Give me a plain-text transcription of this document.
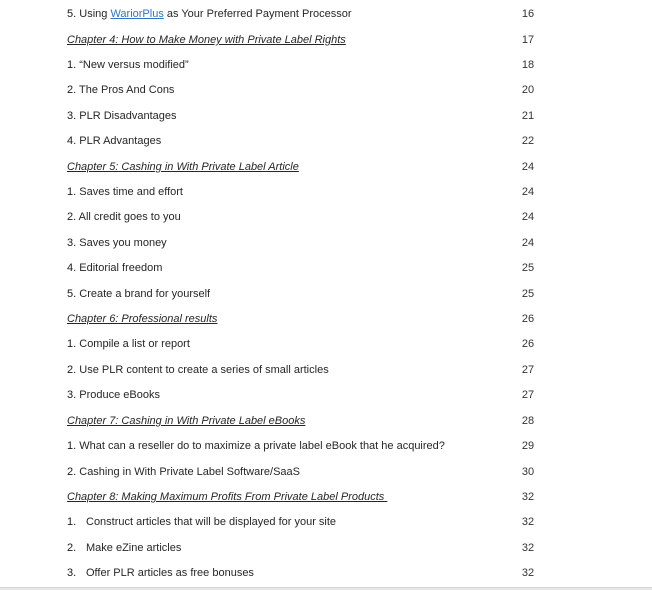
5. Using WariorPlus as Your Preferred Payment Processor	16
Chapter 4: How to Make Money with Private Label Rights	17
1. “New versus modified”	18
2. The Pros And Cons	20
3. PLR Disadvantages	21
4. PLR Advantages	22
Chapter 5: Cashing in With Private Label Article	24
1. Saves time and effort	24
2. All credit goes to you	24
3. Saves you money	24
4. Editorial freedom	25
5. Create a brand for yourself	25
Chapter 6: Professional results	26
1. Compile a list or report	26
2. Use PLR content to create a series of small articles	27
3. Produce eBooks	27
Chapter 7: Cashing in With Private Label eBooks	28
1. What can a reseller do to maximize a private label eBook that he acquired?	29
2. Cashing in With Private Label Software/SaaS	30
Chapter 8: Making Maximum Profits From Private Label Products	32
1. Construct articles that will be displayed for your site	32
2. Make eZine articles	32
3. Offer PLR articles as free bonuses	32
